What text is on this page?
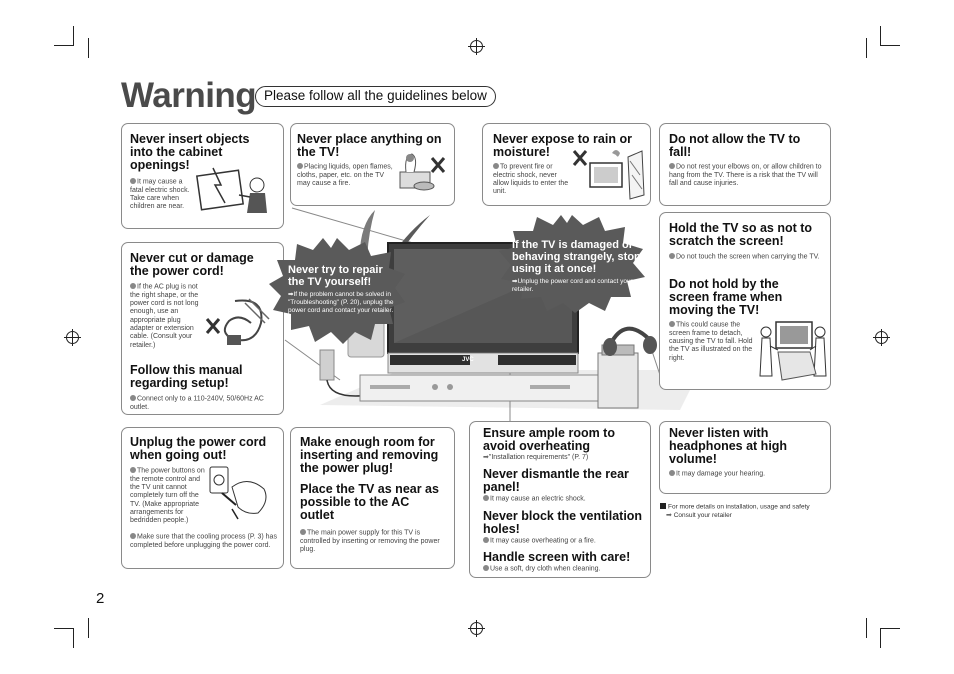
Warning Please follow all the guidelines below
JVC
Never insert objects into the cabinet openings!
It may cause a fatal electric shock. Take care when children are near.
Never place anything on the TV!
Placing liquids, open flames, cloths, paper, etc. on the TV may cause a fire.
Never expose to rain or moisture!
To prevent fire or electric shock, never allow liquids to enter the unit.
Do not allow the TV to fall!
Do not rest your elbows on, or allow children to hang from the TV. There is a risk that the TV will fall and cause injuries.
Never cut or damage the power cord!
If the AC plug is not the right shape, or the power cord is not long enough, use an appropriate plug adapter or extension cable. (Consult your retailer.)
Follow this manual regarding setup!
Connect only to a 110-240V, 50/60Hz AC outlet.
Hold the TV so as not to scratch the screen!
Do not touch the screen when carrying the TV.
Do not hold by the screen frame when moving the TV!
This could cause the screen frame to detach, causing the TV to fall. Hold the TV as illustrated on the right.
Unplug the power cord when going out!
The power buttons on the remote control and the TV unit cannot completely turn off the TV. (Make appropriate arrangements for bedridden people.)
Make sure that the cooling process (P. 3) has completed before unplugging the power cord.
Make enough room for inserting and removing the power plug!
Place the TV as near as possible to the AC outlet
The main power supply for this TV is controlled by inserting or removing the power plug.
Ensure ample room to avoid overheating
➡"Installation requirements" (P. 7)
Never dismantle the rear panel!
It may cause an electric shock.
Never block the ventilation holes!
It may cause overheating or a fire.
Handle screen with care!
Use a soft, dry cloth when cleaning.
Never listen with headphones at high volume!
It may damage your hearing.
For more details on installation, usage and safety
➡ Consult your retailer
Never try to repair the TV yourself!
➡If the problem cannot be solved in "Troubleshooting" (P. 20), unplug the power cord and contact your retailer.
If the TV is damaged or behaving strangely, stop using it at once!
➡Unplug the power cord and contact your retailer.
2
